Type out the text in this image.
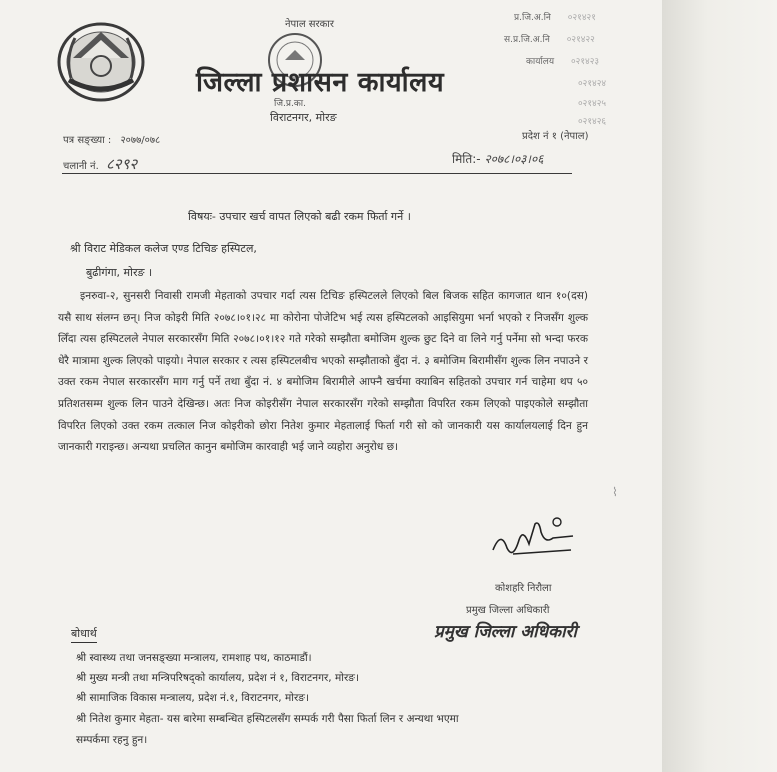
नेपाल सरकार
जिल्ला प्रशासन कार्यालय
जि.प्र.का.
विराटनगर, मोरङ
प्र.जि.अ.नि ०२१४२१
स.प्र.जि.अ.नि ०२१४२२
कार्यालय ०२१४२३
०२१४२४
०२१४२५
०२१४२६
पत्र सङ्ख्या : २०७७/०७८	प्रदेश नं १ (नेपाल)
चलानी नं. ८२९२	मिति:- २०७८।०३।०६
विषयः- उपचार खर्च वापत लिएको बढी रकम फिर्ता गर्ने ।
श्री विराट मेडिकल कलेज एण्ड टिचिङ हस्पिटल,
बुढीगंगा, मोरङ ।
इनरुवा-२, सुनसरी निवासी रामजी मेहताको उपचार गर्दा त्यस टिचिङ हस्पिटलले लिएको बिल बिजक सहित कागजात थान १०(दस) यसै साथ संलग्न छन्। निज कोइरी मिति २०७८।०१।२८ मा कोरोना पोजेटिभ भई त्यस हस्पिटलको आइसियुमा भर्ना भएको र निजसँग शुल्क लिँदा त्यस हस्पिटलले नेपाल सरकारसँग मिति २०७८।०१।१२ गते गरेको सम्झौता बमोजिम शुल्क छुट दिने वा लिने गर्नु पर्नेमा सो भन्दा फरक धेरै मात्रामा शुल्क लिएको पाइयो। नेपाल सरकार र त्यस हस्पिटलबीच भएको सम्झौताको बुँदा नं. ३ बमोजिम बिरामीसँग शुल्क लिन नपाउने र उक्त रकम नेपाल सरकारसँग माग गर्नु पर्ने तथा बुँदा नं. ४ बमोजिम बिरामीले आफ्नै खर्चमा क्याबिन सहितको उपचार गर्न चाहेमा थप ५० प्रतिशतसम्म शुल्क लिन पाउने देखिन्छ। अतः निज कोइरीसँग नेपाल सरकारसँग गरेको सम्झौता विपरित रकम लिएको पाइएकोले सम्झौता विपरित लिएको उक्त रकम तत्काल निज कोइरीको छोरा नितेश कुमार मेहतालाई फिर्ता गरी सो को जानकारी यस कार्यालयलाई दिन हुन जानकारी गराइन्छ। अन्यथा प्रचलित कानुन बमोजिम कारवाही भई जाने व्यहोरा अनुरोध छ।
कोशहरि निरौला
प्रमुख जिल्ला अधिकारी
प्रमुख जिल्ला अधिकारी
बोधार्थ
श्री स्वास्थ्य तथा जनसङ्ख्या मन्त्रालय, रामशाह पथ, काठमाडौं।
श्री मुख्य मन्त्री तथा मन्त्रिपरिषद्को कार्यालय, प्रदेश नं १, विराटनगर, मोरङ।
श्री सामाजिक विकास मन्त्रालय, प्रदेश नं.१, विराटनगर, मोरङ।
श्री नितेश कुमार मेहता- यस बारेमा सम्बन्धित हस्पिटलसँग सम्पर्क गरी पैसा फिर्ता लिन र अन्यथा भएमा
सम्पर्कमा रहनु हुन।
⌇
